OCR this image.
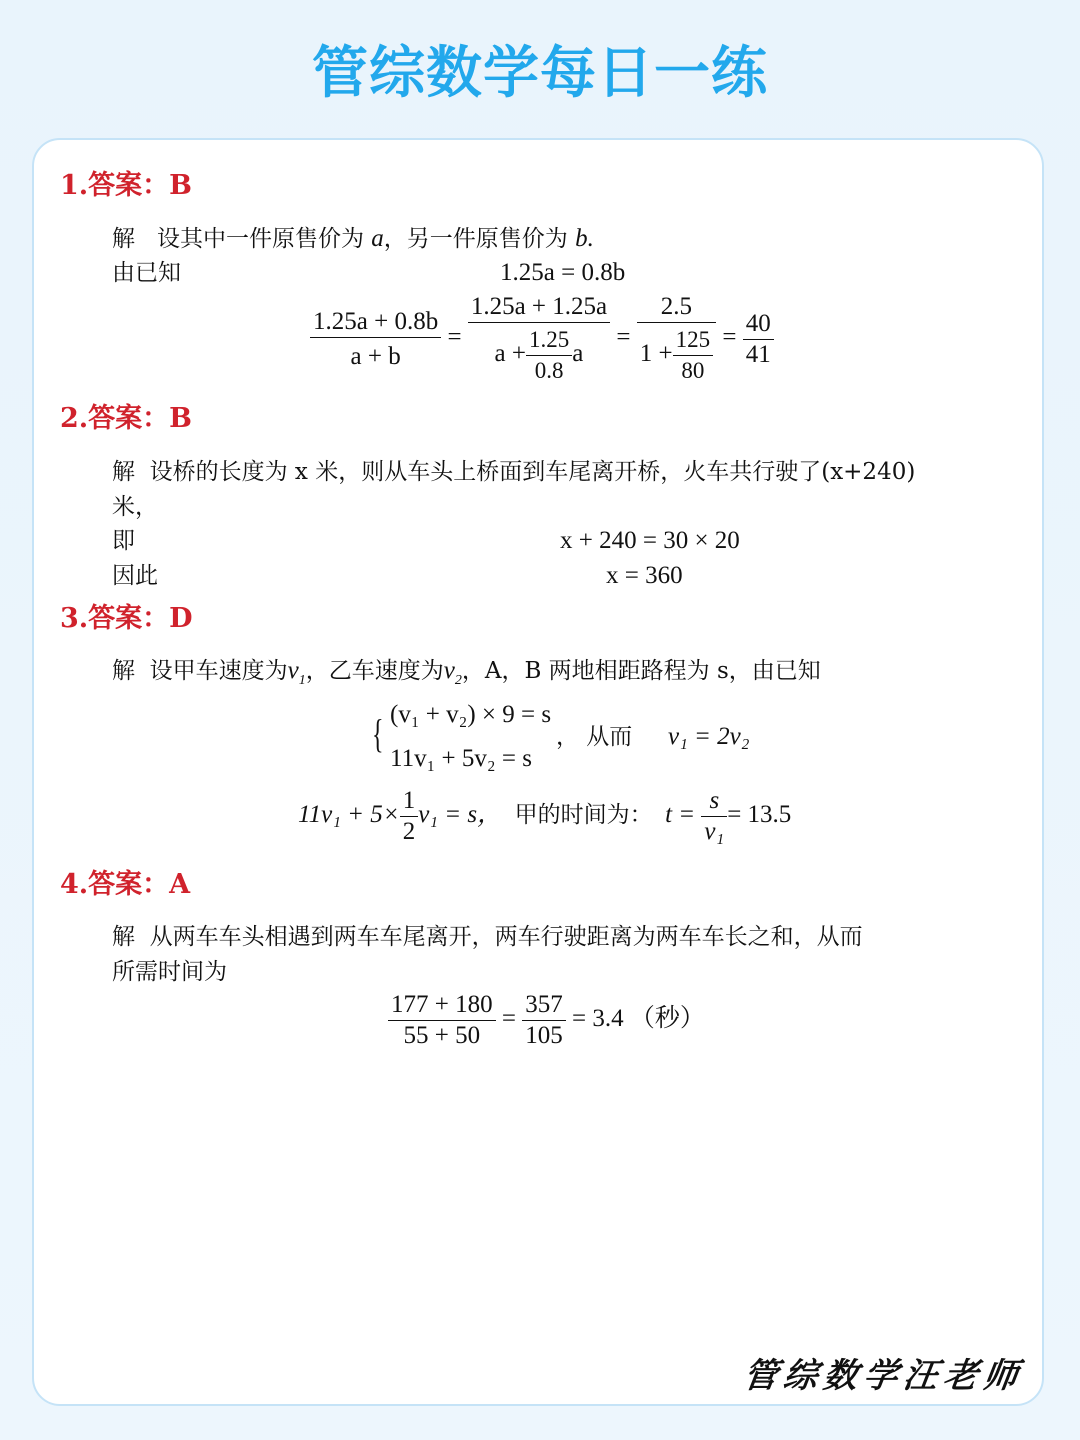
管综数学每日一练
1.答案：B
解 设其中一件原售价为 a，另一件原售价为 b.
由已知	1.25a = 0.8b
$\frac{1.25a + 0.8b}{a + b} = \frac{1.25a + 1.25a}{a + \frac{1.25}{0.8} a} = \frac{2.5}{1 + \frac{125}{80}} = \frac{40}{41}$
2.答案：B
解 设桥的长度为 x 米，则从车头上桥面到车尾离开桥，火车共行驶了(x+240)
米，
即	x + 240 = 30 × 20
因此	x = 360
3.答案：D
解 设甲车速度为$v_1$，乙车速度为$v_2$，A，B 两地相距路程为 s，由已知
{ (v₁ + v₂) × 9 = s
11v₁ + 5v₂ = s
， 从而 v₁ = 2v₂
$11v_1 + 5\times \frac{1}{2} v_1 = s$， 甲的时间为： $t = \frac{s}{\text{v₁}} = 13.5$
4.答案：A
解 从两车车头相遇到两车车尾离开，两车行驶距离为两车车长之和，从而
所需时间为
$\frac{177 + 180}{55 + 50} = \frac{357}{105} = 3.4$ （秒）
管综数学汪老师
